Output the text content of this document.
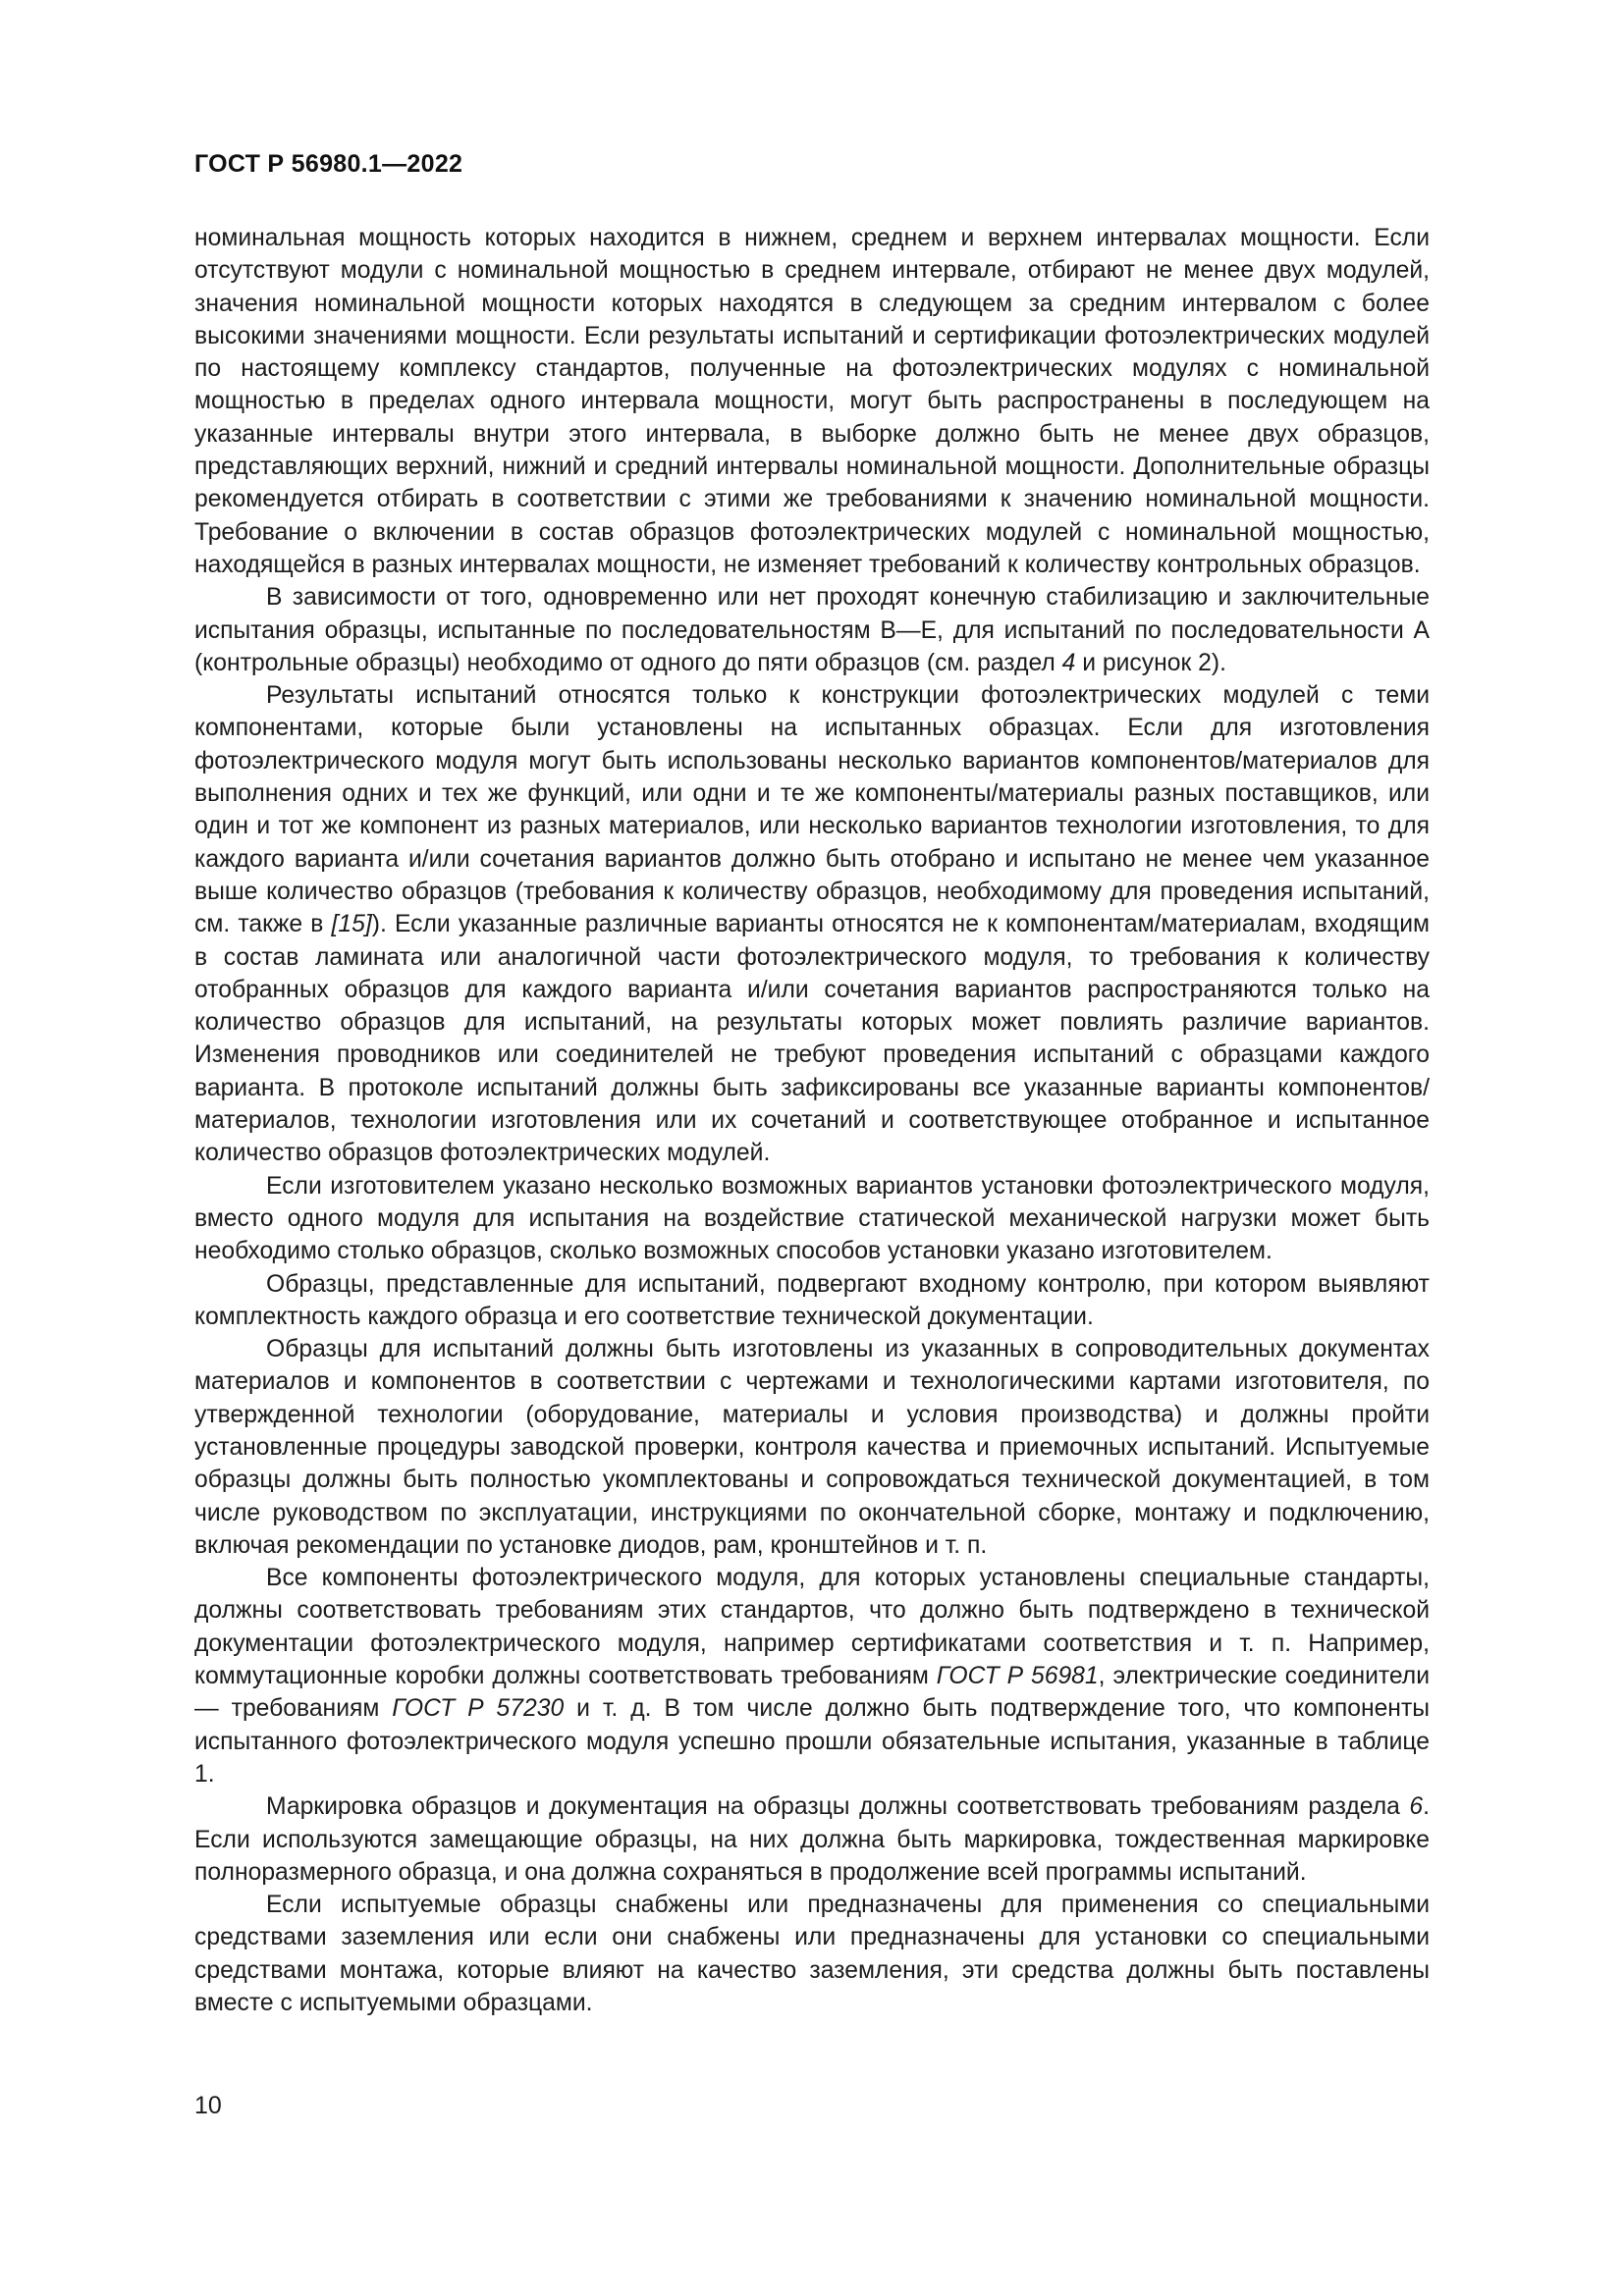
ГОСТ Р 56980.1—2022

номинальная мощность которых находится в нижнем, среднем и верхнем интервалах мощности. Если отсутствуют модули с номинальной мощностью в среднем интервале, отбирают не менее двух модулей, значения номинальной мощности которых находятся в следующем за средним интервалом с более высокими значениями мощности. Если результаты испытаний и сертификации фотоэлектрических модулей по настоящему комплексу стандартов, полученные на фотоэлектрических модулях с номинальной мощностью в пределах одного интервала мощности, могут быть распространены в последующем на указанные интервалы внутри этого интервала, в выборке должно быть не менее двух образцов, представляющих верхний, нижний и средний интервалы номинальной мощности. Дополнительные образцы рекомендуется отбирать в соответствии с этими же требованиями к значению номинальной мощности. Требование о включении в состав образцов фотоэлектрических модулей с номинальной мощностью, находящейся в разных интервалах мощности, не изменяет требований к количеству контрольных образцов.

В зависимости от того, одновременно или нет проходят конечную стабилизацию и заключительные испытания образцы, испытанные по последовательностям B—E, для испытаний по последовательности A (контрольные образцы) необходимо от одного до пяти образцов (см. раздел 4 и рисунок 2).

Результаты испытаний относятся только к конструкции фотоэлектрических модулей с теми компонентами, которые были установлены на испытанных образцах. Если для изготовления фотоэлектрического модуля могут быть использованы несколько вариантов компонентов/материалов для выполнения одних и тех же функций, или одни и те же компоненты/материалы разных поставщиков, или один и тот же компонент из разных материалов, или несколько вариантов технологии изготовления, то для каждого варианта и/или сочетания вариантов должно быть отобрано и испытано не менее чем указанное выше количество образцов (требования к количеству образцов, необходимому для проведения испытаний, см. также в [15]). Если указанные различные варианты относятся не к компонентам/материалам, входящим в состав ламината или аналогичной части фотоэлектрического модуля, то требования к количеству отобранных образцов для каждого варианта и/или сочетания вариантов распространяются только на количество образцов для испытаний, на результаты которых может повлиять различие вариантов. Изменения проводников или соединителей не требуют проведения испытаний с образцами каждого варианта. В протоколе испытаний должны быть зафиксированы все указанные варианты компонентов/материалов, технологии изготовления или их сочетаний и соответствующее отобранное и испытанное количество образцов фотоэлектрических модулей.

Если изготовителем указано несколько возможных вариантов установки фотоэлектрического модуля, вместо одного модуля для испытания на воздействие статической механической нагрузки может быть необходимо столько образцов, сколько возможных способов установки указано изготовителем.

Образцы, представленные для испытаний, подвергают входному контролю, при котором выявляют комплектность каждого образца и его соответствие технической документации.

Образцы для испытаний должны быть изготовлены из указанных в сопроводительных документах материалов и компонентов в соответствии с чертежами и технологическими картами изготовителя, по утвержденной технологии (оборудование, материалы и условия производства) и должны пройти установленные процедуры заводской проверки, контроля качества и приемочных испытаний. Испытуемые образцы должны быть полностью укомплектованы и сопровождаться технической документацией, в том числе руководством по эксплуатации, инструкциями по окончательной сборке, монтажу и подключению, включая рекомендации по установке диодов, рам, кронштейнов и т. п.

Все компоненты фотоэлектрического модуля, для которых установлены специальные стандарты, должны соответствовать требованиям этих стандартов, что должно быть подтверждено в технической документации фотоэлектрического модуля, например сертификатами соответствия и т. п. Например, коммутационные коробки должны соответствовать требованиям ГОСТ Р 56981, электрические соединители — требованиям ГОСТ Р 57230 и т. д. В том числе должно быть подтверждение того, что компоненты испытанного фотоэлектрического модуля успешно прошли обязательные испытания, указанные в таблице 1.

Маркировка образцов и документация на образцы должны соответствовать требованиям раздела 6. Если используются замещающие образцы, на них должна быть маркировка, тождественная маркировке полноразмерного образца, и она должна сохраняться в продолжение всей программы испытаний.

Если испытуемые образцы снабжены или предназначены для применения со специальными средствами заземления или если они снабжены или предназначены для установки со специальными средствами монтажа, которые влияют на качество заземления, эти средства должны быть поставлены вместе с испытуемыми образцами.

10
